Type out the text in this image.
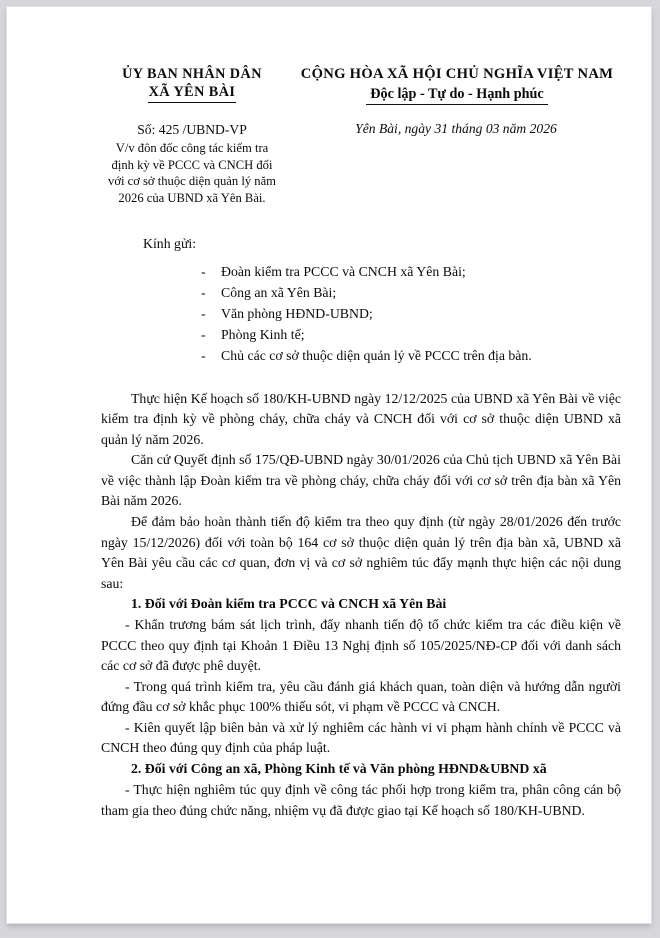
ỦY BAN NHÂN DÂN
XÃ YÊN BÀI
CỘNG HÒA XÃ HỘI CHỦ NGHĨA VIỆT NAM
Độc lập - Tự do - Hạnh phúc
Số: 425 /UBND-VP
V/v đôn đốc công tác kiểm tra định kỳ về PCCC và CNCH đối với cơ sở thuộc diện quản lý năm 2026 của UBND xã Yên Bài.
Yên Bài, ngày 31 tháng 03 năm 2026
Kính gửi:
-	Đoàn kiểm tra PCCC và CNCH xã Yên Bài;
-	Công an xã Yên Bài;
-	Văn phòng HĐND-UBND;
-	Phòng Kinh tế;
-	Chủ các cơ sở thuộc diện quản lý về PCCC trên địa bàn.

Thực hiện Kế hoạch số 180/KH-UBND ngày 12/12/2025 của UBND xã Yên Bài về việc kiểm tra định kỳ về phòng cháy, chữa cháy và CNCH đối với cơ sở thuộc diện UBND xã quản lý năm 2026.

Căn cứ Quyết định số 175/QĐ-UBND ngày 30/01/2026 của Chủ tịch UBND xã Yên Bài về việc thành lập Đoàn kiểm tra về phòng cháy, chữa cháy đối với cơ sở trên địa bàn xã Yên Bài năm 2026.

Để đảm bảo hoàn thành tiến độ kiểm tra theo quy định (từ ngày 28/01/2026 đến trước ngày 15/12/2026) đối với toàn bộ 164 cơ sở thuộc diện quản lý trên địa bàn xã, UBND xã Yên Bài yêu cầu các cơ quan, đơn vị và cơ sở nghiêm túc đẩy mạnh thực hiện các nội dung sau:

1. Đối với Đoàn kiểm tra PCCC và CNCH xã Yên Bài

- Khẩn trương bám sát lịch trình, đẩy nhanh tiến độ tổ chức kiểm tra các điều kiện về PCCC theo quy định tại Khoản 1 Điều 13 Nghị định số 105/2025/NĐ-CP đối với danh sách các cơ sở đã được phê duyệt.

- Trong quá trình kiểm tra, yêu cầu đánh giá khách quan, toàn diện và hướng dẫn người đứng đầu cơ sở khắc phục 100% thiếu sót, vi phạm về PCCC và CNCH.

- Kiên quyết lập biên bản và xử lý nghiêm các hành vi vi phạm hành chính về PCCC và CNCH theo đúng quy định của pháp luật.

2. Đối với Công an xã, Phòng Kinh tế và Văn phòng HĐND&UBND xã

- Thực hiện nghiêm túc quy định về công tác phối hợp trong kiểm tra, phân công cán bộ tham gia theo đúng chức năng, nhiệm vụ đã được giao tại Kế hoạch số 180/KH-UBND.
